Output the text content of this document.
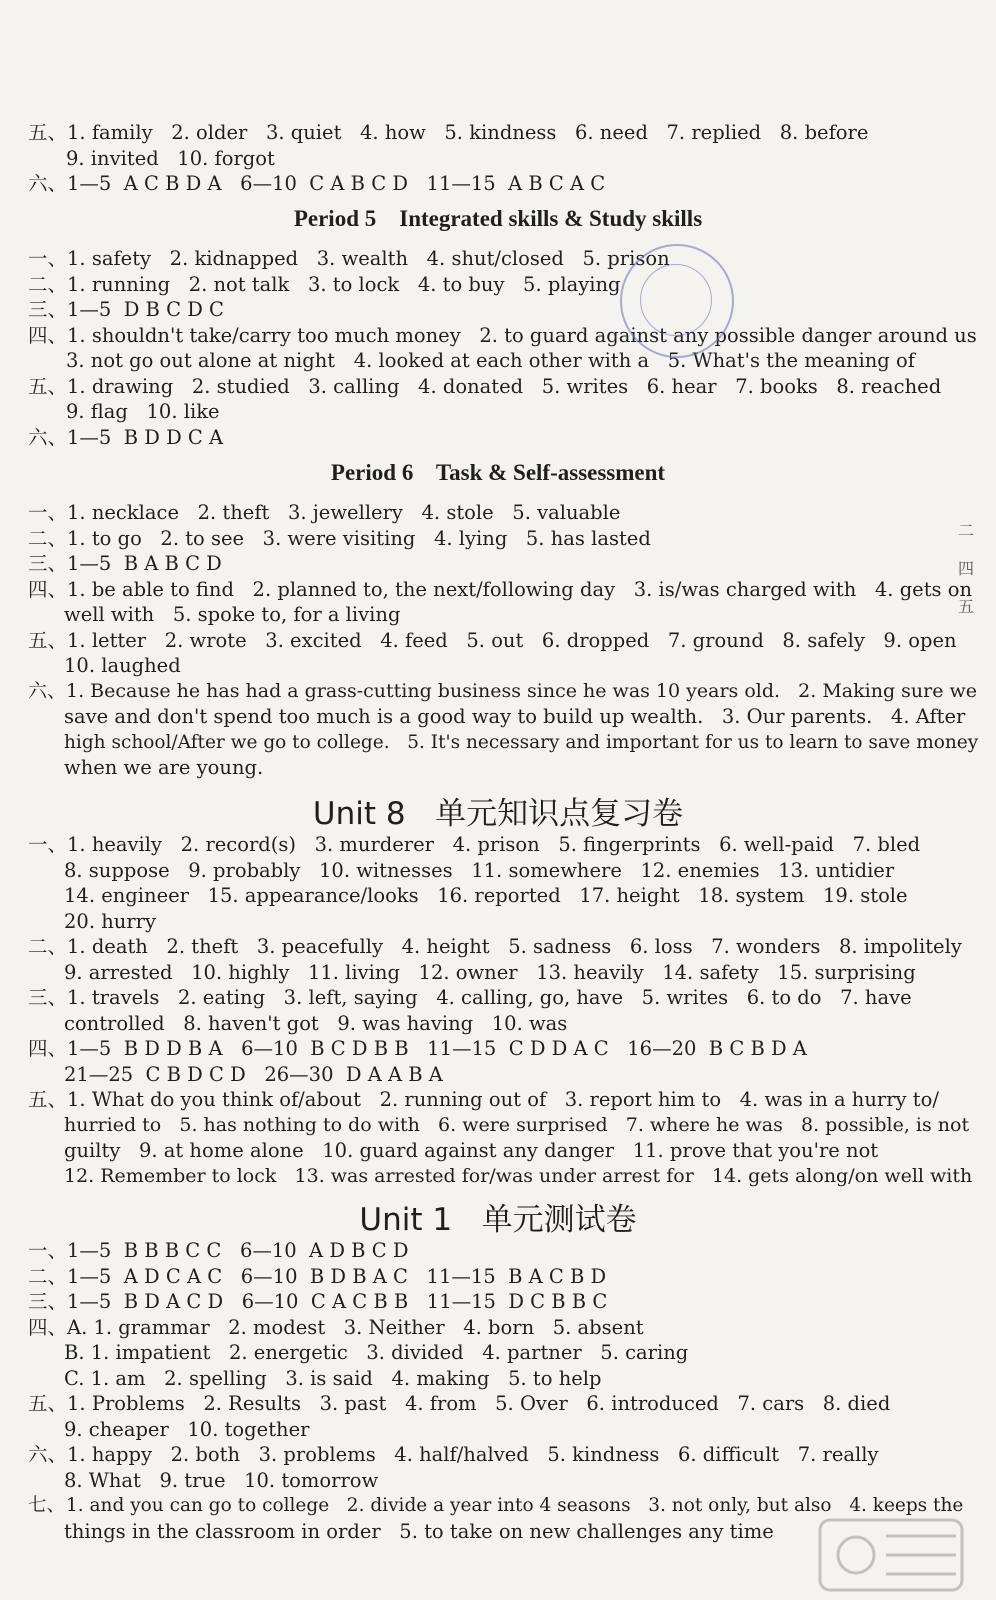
五、1. family   2. older   3. quiet   4. how   5. kindness   6. need   7. replied   8. before
9. invited   10. forgot
六、1—5  A C B D A   6—10  C A B C D   11—15  A B C A C
Period 5    Integrated skills & Study skills
一、1. safety   2. kidnapped   3. wealth   4. shut/closed   5. prison
二、1. running   2. not talk   3. to lock   4. to buy   5. playing
三、1—5  D B C D C
四、1. shouldn't take/carry too much money   2. to guard against any possible danger around us
3. not go out alone at night   4. looked at each other with a   5. What's the meaning of
五、1. drawing   2. studied   3. calling   4. donated   5. writes   6. hear   7. books   8. reached
9. flag   10. like
六、1—5  B D D C A
Period 6    Task & Self-assessment
一、1. necklace   2. theft   3. jewellery   4. stole   5. valuable
二、1. to go   2. to see   3. were visiting   4. lying   5. has lasted
三、1—5  B A B C D
四、1. be able to find   2. planned to, the next/following day   3. is/was charged with   4. gets on
well with   5. spoke to, for a living
五、1. letter   2. wrote   3. excited   4. feed   5. out   6. dropped   7. ground   8. safely   9. open
10. laughed
六、1. Because he has had a grass-cutting business since he was 10 years old.   2. Making sure we
save and don't spend too much is a good way to build up wealth.   3. Our parents.   4. After
high school/After we go to college.   5. It's necessary and important for us to learn to save money
when we are young.
Unit 8   单元知识点复习卷
一、1. heavily   2. record(s)   3. murderer   4. prison   5. fingerprints   6. well-paid   7. bled
8. suppose   9. probably   10. witnesses   11. somewhere   12. enemies   13. untidier
14. engineer   15. appearance/looks   16. reported   17. height   18. system   19. stole
20. hurry
二、1. death   2. theft   3. peacefully   4. height   5. sadness   6. loss   7. wonders   8. impolitely
9. arrested   10. highly   11. living   12. owner   13. heavily   14. safety   15. surprising
三、1. travels   2. eating   3. left, saying   4. calling, go, have   5. writes   6. to do   7. have
controlled   8. haven't got   9. was having   10. was
四、1—5  B D D B A   6—10  B C D B B   11—15  C D D A C   16—20  B C B D A
21—25  C B D C D   26—30  D A A B A
五、1. What do you think of/about   2. running out of   3. report him to   4. was in a hurry to/
hurried to   5. has nothing to do with   6. were surprised   7. where he was   8. possible, is not
guilty   9. at home alone   10. guard against any danger   11. prove that you're not
12. Remember to lock   13. was arrested for/was under arrest for   14. gets along/on well with
Unit 1   单元测试卷
一、1—5  B B B C C   6—10  A D B C D
二、1—5  A D C A C   6—10  B D B A C   11—15  B A C B D
三、1—5  B D A C D   6—10  C A C B B   11—15  D C B B C
四、A. 1. grammar   2. modest   3. Neither   4. born   5. absent
B. 1. impatient   2. energetic   3. divided   4. partner   5. caring
C. 1. am   2. spelling   3. is said   4. making   5. to help
五、1. Problems   2. Results   3. past   4. from   5. Over   6. introduced   7. cars   8. died
9. cheaper   10. together
六、1. happy   2. both   3. problems   4. half/halved   5. kindness   6. difficult   7. really
8. What   9. true   10. tomorrow
七、1. and you can go to college   2. divide a year into 4 seasons   3. not only, but also   4. keeps the
things in the classroom in order   5. to take on new challenges any time
二
四
五
